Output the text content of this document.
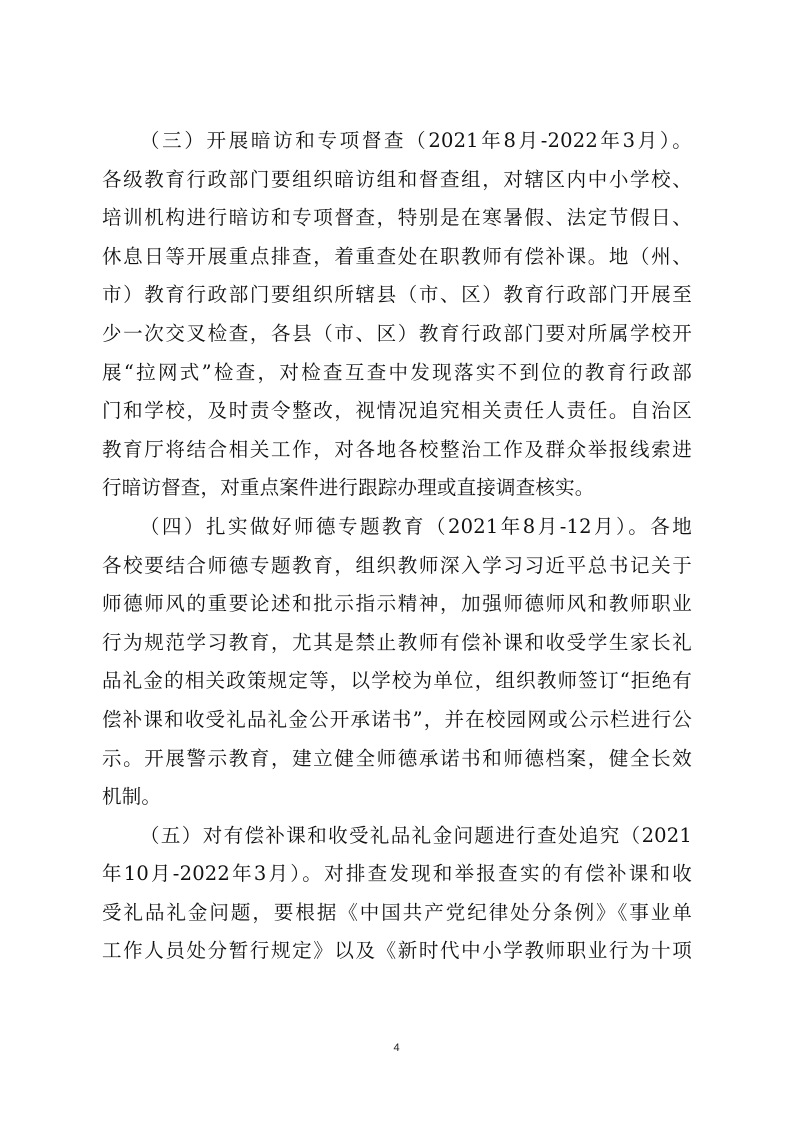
（三）开展暗访和专项督查（2021年8月-2022年3月）。
各级教育行政部门要组织暗访组和督查组，对辖区内中小学校、
培训机构进行暗访和专项督查，特别是在寒暑假、法定节假日、
休息日等开展重点排查，着重查处在职教师有偿补课。地（州、
市）教育行政部门要组织所辖县（市、区）教育行政部门开展至
少一次交叉检查，各县（市、区）教育行政部门要对所属学校开
展“拉网式”检查，对检查互查中发现落实不到位的教育行政部
门和学校，及时责令整改，视情况追究相关责任人责任。自治区
教育厅将结合相关工作，对各地各校整治工作及群众举报线索进
行暗访督查，对重点案件进行跟踪办理或直接调查核实。
（四）扎实做好师德专题教育（2021年8月-12月）。各地
各校要结合师德专题教育，组织教师深入学习习近平总书记关于
师德师风的重要论述和批示指示精神，加强师德师风和教师职业
行为规范学习教育，尤其是禁止教师有偿补课和收受学生家长礼
品礼金的相关政策规定等，以学校为单位，组织教师签订“拒绝有
偿补课和收受礼品礼金公开承诺书”，并在校园网或公示栏进行公
示。开展警示教育，建立健全师德承诺书和师德档案，健全长效
机制。
（五）对有偿补课和收受礼品礼金问题进行查处追究（2021
年10月-2022年3月）。对排查发现和举报查实的有偿补课和收
受礼品礼金问题，要根据《中国共产党纪律处分条例》《事业单
工作人员处分暂行规定》以及《新时代中小学教师职业行为十项
4
